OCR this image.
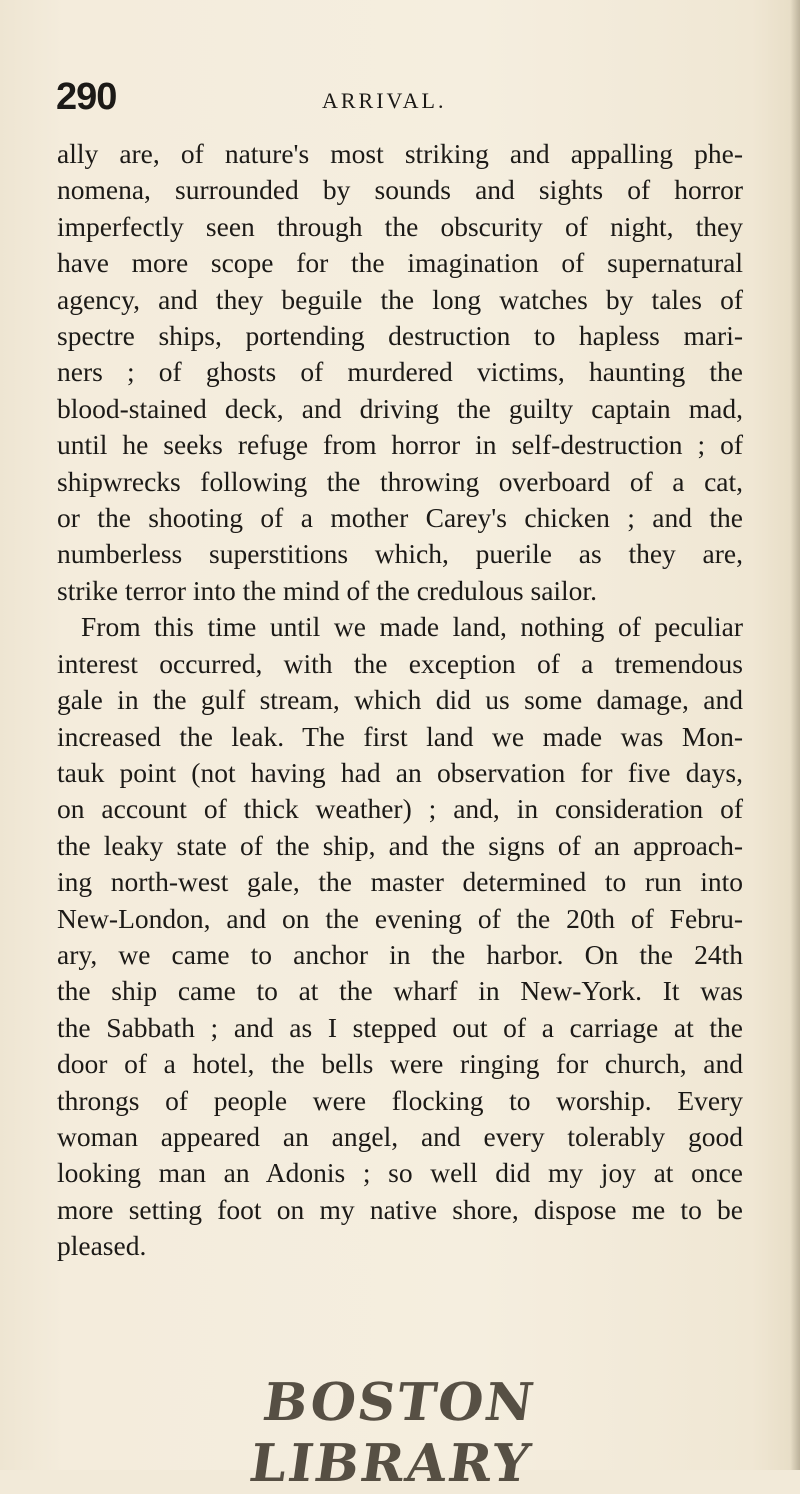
290	ARRIVAL.
ally are, of nature's most striking and appalling phe-
nomena, surrounded by sounds and sights of horror
imperfectly seen through the obscurity of night, they
have more scope for the imagination of supernatural
agency, and they beguile the long watches by tales of
spectre ships, portending destruction to hapless mari-
ners ; of ghosts of murdered victims, haunting the
blood-stained deck, and driving the guilty captain mad,
until he seeks refuge from horror in self-destruction ; of
shipwrecks following the throwing overboard of a cat,
or the shooting of a mother Carey's chicken ; and the
numberless superstitions which, puerile as they are,
strike terror into the mind of the credulous sailor.
From this time until we made land, nothing of peculiar
interest occurred, with the exception of a tremendous
gale in the gulf stream, which did us some damage, and
increased the leak. The first land we made was Mon-
tauk point (not having had an observation for five days,
on account of thick weather) ; and, in consideration of
the leaky state of the ship, and the signs of an approach-
ing north-west gale, the master determined to run into
New-London, and on the evening of the 20th of Febru-
ary, we came to anchor in the harbor. On the 24th
the ship came to at the wharf in New-York. It was
the Sabbath ; and as I stepped out of a carriage at the
door of a hotel, the bells were ringing for church, and
throngs of people were flocking to worship. Every
woman appeared an angel, and every tolerably good
looking man an Adonis ; so well did my joy at once
more setting foot on my native shore, dispose me to be
pleased.
BOSTON LIBRARY
